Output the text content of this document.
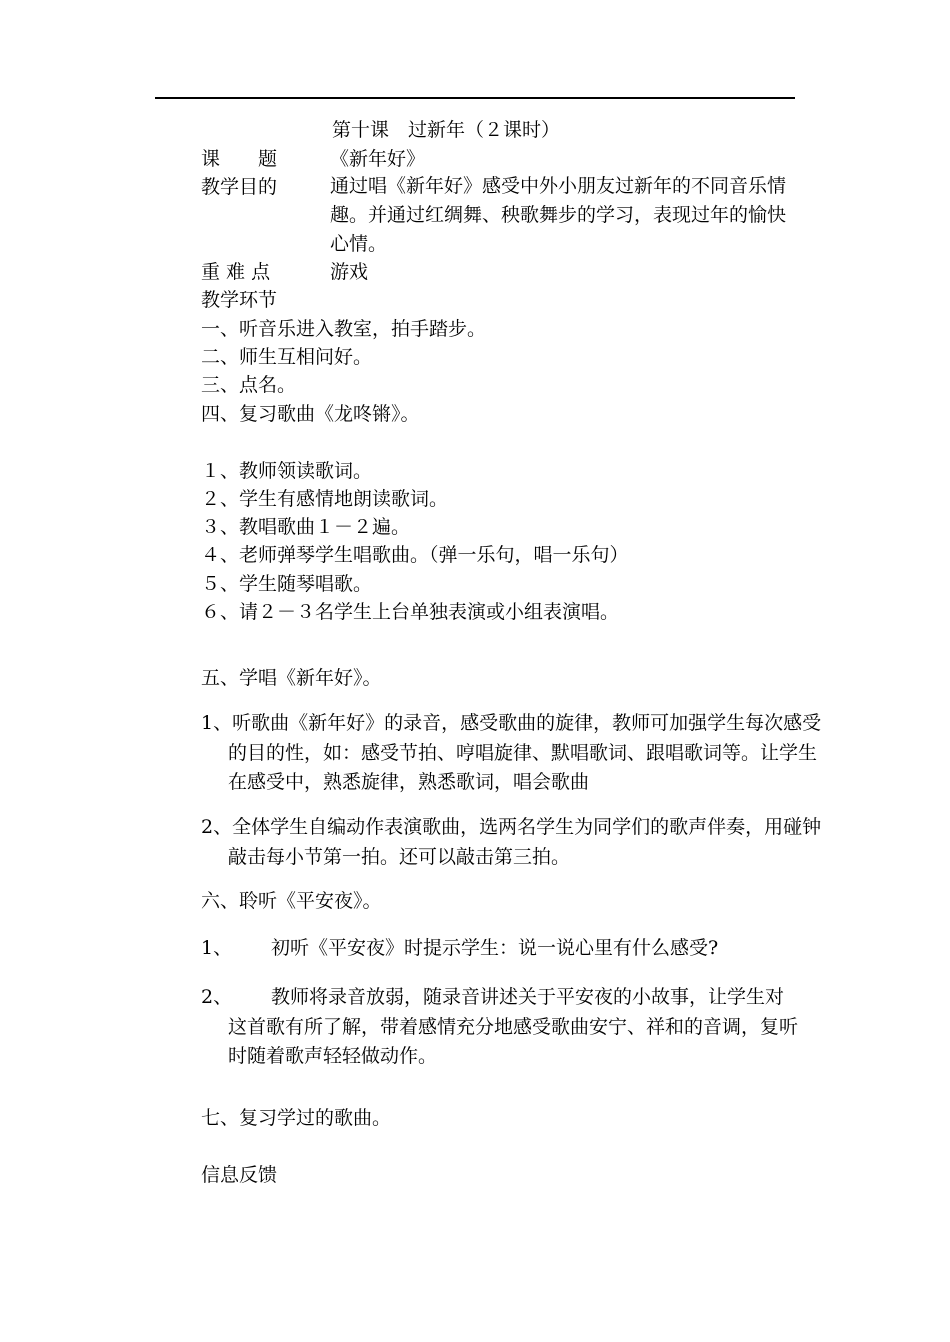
第十课　过新年（２课时）
课　　题	《新年好》
教学目的	通过唱《新年好》感受中外小朋友过新年的不同音乐情趣。并通过红绸舞、秧歌舞步的学习，表现过年的愉快心情。
重 难 点	游戏
教学环节
一、听音乐进入教室，拍手踏步。
二、师生互相问好。
三、点名。
四、复习歌曲《龙咚锵》。
１、教师领读歌词。
２、学生有感情地朗读歌词。
３、教唱歌曲１－２遍。
４、老师弹琴学生唱歌曲。（弹一乐句，唱一乐句）
５、学生随琴唱歌。
６、请２－３名学生上台单独表演或小组表演唱。
五、学唱《新年好》。
1、听歌曲《新年好》的录音，感受歌曲的旋律，教师可加强学生每次感受的目的性，如：感受节拍、哼唱旋律、默唱歌词、跟唱歌词等。让学生在感受中，熟悉旋律，熟悉歌词，唱会歌曲
2、全体学生自编动作表演歌曲，选两名学生为同学们的歌声伴奏，用碰钟敲击每小节第一拍。还可以敲击第三拍。
六、聆听《平安夜》。
1、 初听《平安夜》时提示学生：说一说心里有什么感受?
2、	教师将录音放弱，随录音讲述关于平安夜的小故事，让学生对这首歌有所了解，带着感情充分地感受歌曲安宁、祥和的音调，复听时随着歌声轻轻做动作。
七、复习学过的歌曲。
信息反馈
